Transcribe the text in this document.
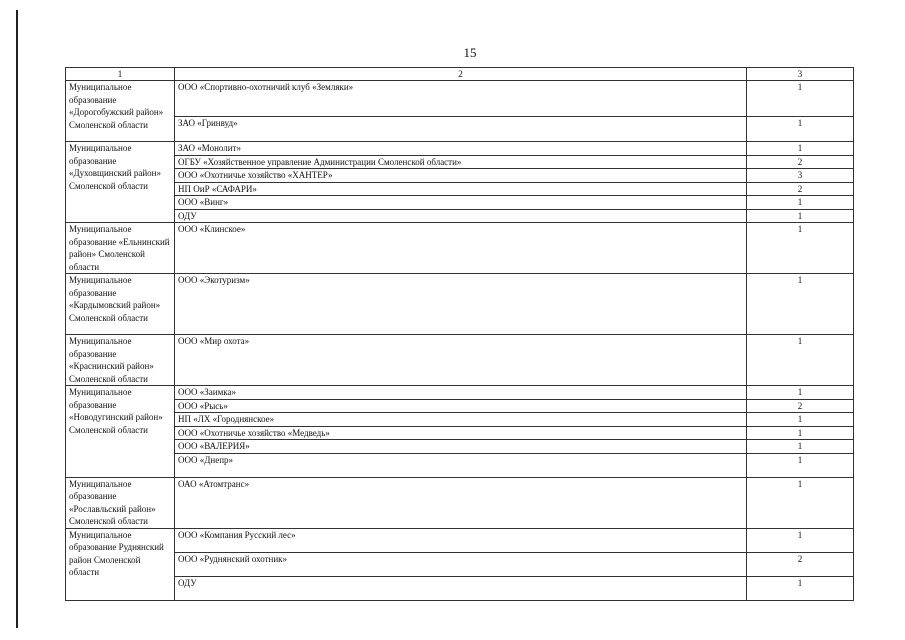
15
1	2	3
Муниципальное образование «Дорогобужский район» Смоленской области	ООО «Спортивно-охотничий клуб «Земляки»	1
	ЗАО «Гринвуд»	1
Муниципальное образование «Духовщинский район» Смоленской области	ЗАО «Монолит»	1
	ОГБУ «Хозяйственное управление Администрации Смоленской области»	2
	ООО «Охотничье хозяйство «ХАНТЕР»	3
	НП ОиР «САФАРИ»	2
	ООО «Винг»	1
	ОДУ	1
Муниципальное образование «Ельнинский район» Смоленской области	ООО «Клинское»	1
Муниципальное образование «Кардымовский район» Смоленской области	ООО «Экотуризм»	1
Муниципальное образование «Краснинский район» Смоленской области	ООО «Мир охота»	1
Муниципальное образование «Новодугинский район» Смоленской области	ООО «Заимка»	1
	ООО «Рысь»	2
	НП «ЛХ «Городнянское»	1
	ООО «Охотничье хозяйство «Медведь»	1
	ООО «ВАЛЕРИЯ»	1
	ООО «Днепр»	1
Муниципальное образование «Рославльский район» Смоленской области	ОАО «Атомтранс»	1
Муниципальное образование Руднянский район Смоленской области	ООО «Компания Русский лес»	1
	ООО «Руднянский охотник»	2
	ОДУ	1
